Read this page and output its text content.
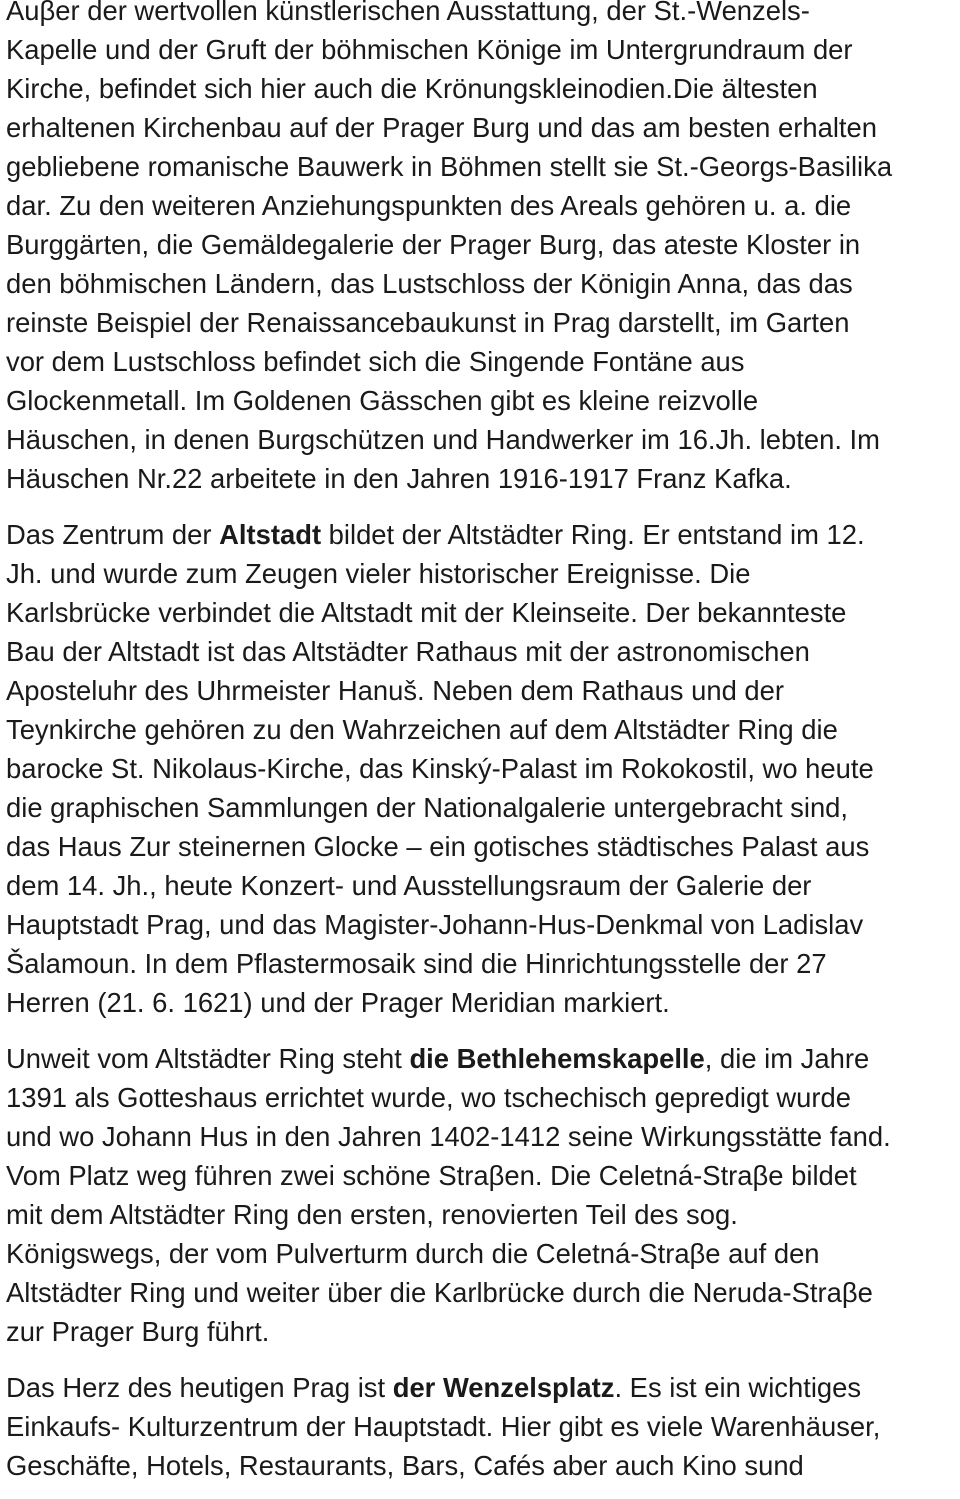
Auβer der wertvollen künstlerischen Ausstattung, der St.-Wenzels-
Kapelle und der Gruft der böhmischen Könige im Untergrundraum der
Kirche, befindet sich hier auch die Krönungskleinodien.Die ältesten
erhaltenen Kirchenbau auf der Prager Burg und das am besten erhalten
gebliebene romanische Bauwerk in Böhmen stellt sie St.-Georgs-Basilika
dar. Zu den weiteren Anziehungspunkten des Areals gehören u. a. die
Burggärten, die Gemäldegalerie der Prager Burg, das ateste Kloster in
den böhmischen Ländern, das Lustschloss der Königin Anna, das das
reinste Beispiel der Renaissancebaukunst in Prag darstellt, im Garten
vor dem Lustschloss befindet sich die Singende Fontäne aus
Glockenmetall. Im Goldenen Gässchen gibt es kleine reizvolle
Häuschen, in denen Burgschützen und Handwerker im 16.Jh. lebten. Im
Häuschen Nr.22 arbeitete in den Jahren 1916-1917 Franz Kafka.
Das Zentrum der Altstadt bildet der Altstädter Ring. Er entstand im 12.
Jh. und wurde zum Zeugen vieler historischer Ereignisse. Die
Karlsbrücke verbindet die Altstadt mit der Kleinseite. Der bekannteste
Bau der Altstadt ist das Altstädter Rathaus mit der astronomischen
Aposteluhr des Uhrmeister Hanuš. Neben dem Rathaus und der
Teynkirche gehören zu den Wahrzeichen auf dem Altstädter Ring die
barocke St. Nikolaus-Kirche, das Kinský-Palast im Rokokostil, wo heute
die graphischen Sammlungen der Nationalgalerie untergebracht sind,
das Haus Zur steinernen Glocke – ein gotisches städtisches Palast aus
dem 14. Jh., heute Konzert- und Ausstellungsraum der Galerie der
Hauptstadt Prag, und das Magister-Johann-Hus-Denkmal von Ladislav
Šalamoun. In dem Pflastermosaik sind die Hinrichtungsstelle der 27
Herren (21. 6. 1621) und der Prager Meridian markiert.
Unweit vom Altstädter Ring steht die Bethlehemskapelle, die im Jahre
1391 als Gotteshaus errichtet wurde, wo tschechisch gepredigt wurde
und wo Johann Hus in den Jahren 1402-1412 seine Wirkungsstätte fand.
Vom Platz weg führen zwei schöne Straβen. Die Celetná-Straβe bildet
mit dem Altstädter Ring den ersten, renovierten Teil des sog.
Königswegs, der vom Pulverturm durch die Celetná-Straβe auf den
Altstädter Ring und weiter über die Karlbrücke durch die Neruda-Straβe
zur Prager Burg führt.
Das Herz des heutigen Prag ist der Wenzelsplatz. Es ist ein wichtiges
Einkaufs- Kulturzentrum der Hauptstadt. Hier gibt es viele Warenhäuser,
Geschäfte, Hotels, Restaurants, Bars, Cafés aber auch Kino sund
